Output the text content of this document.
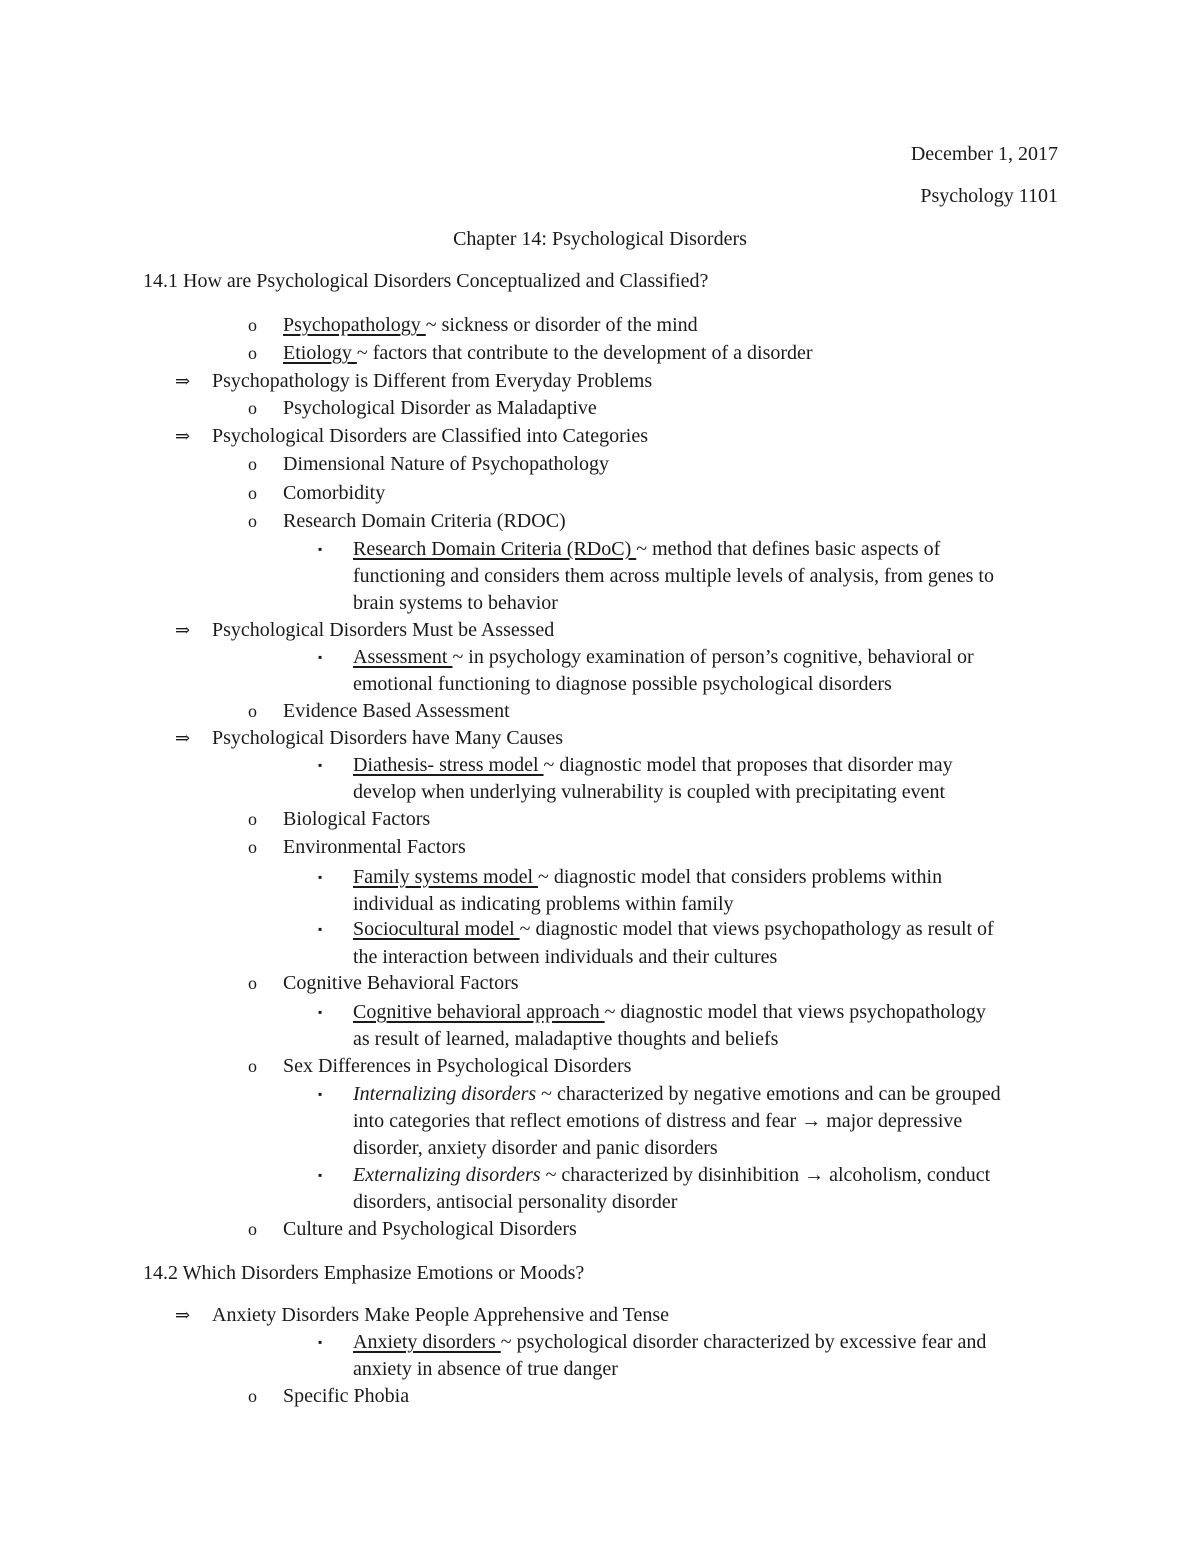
December 1, 2017
Psychology 1101
Chapter 14: Psychological Disorders
14.1 How are Psychological Disorders Conceptualized and Classified?
o Psychopathology ~ sickness or disorder of the mind
o Etiology ~ factors that contribute to the development of a disorder
⇒ Psychopathology is Different from Everyday Problems
o Psychological Disorder as Maladaptive
⇒ Psychological Disorders are Classified into Categories
o Dimensional Nature of Psychopathology
o Comorbidity
o Research Domain Criteria (RDOC)
▪ Research Domain Criteria (RDoC) ~ method that defines basic aspects of
functioning and considers them across multiple levels of analysis, from genes to
brain systems to behavior
⇒ Psychological Disorders Must be Assessed
▪ Assessment ~ in psychology examination of person’s cognitive, behavioral or
emotional functioning to diagnose possible psychological disorders
o Evidence Based Assessment
⇒ Psychological Disorders have Many Causes
▪ Diathesis- stress model ~ diagnostic model that proposes that disorder may
develop when underlying vulnerability is coupled with precipitating event
o Biological Factors
o Environmental Factors
▪ Family systems model ~ diagnostic model that considers problems within
individual as indicating problems within family
▪ Sociocultural model ~ diagnostic model that views psychopathology as result of
the interaction between individuals and their cultures
o Cognitive Behavioral Factors
▪ Cognitive behavioral approach ~ diagnostic model that views psychopathology
as result of learned, maladaptive thoughts and beliefs
o Sex Differences in Psychological Disorders
▪ Internalizing disorders ~ characterized by negative emotions and can be grouped
into categories that reflect emotions of distress and fear → major depressive
disorder, anxiety disorder and panic disorders
▪ Externalizing disorders ~ characterized by disinhibition → alcoholism, conduct
disorders, antisocial personality disorder
o Culture and Psychological Disorders
14.2 Which Disorders Emphasize Emotions or Moods?
⇒ Anxiety Disorders Make People Apprehensive and Tense
▪ Anxiety disorders ~ psychological disorder characterized by excessive fear and
anxiety in absence of true danger
o Specific Phobia
